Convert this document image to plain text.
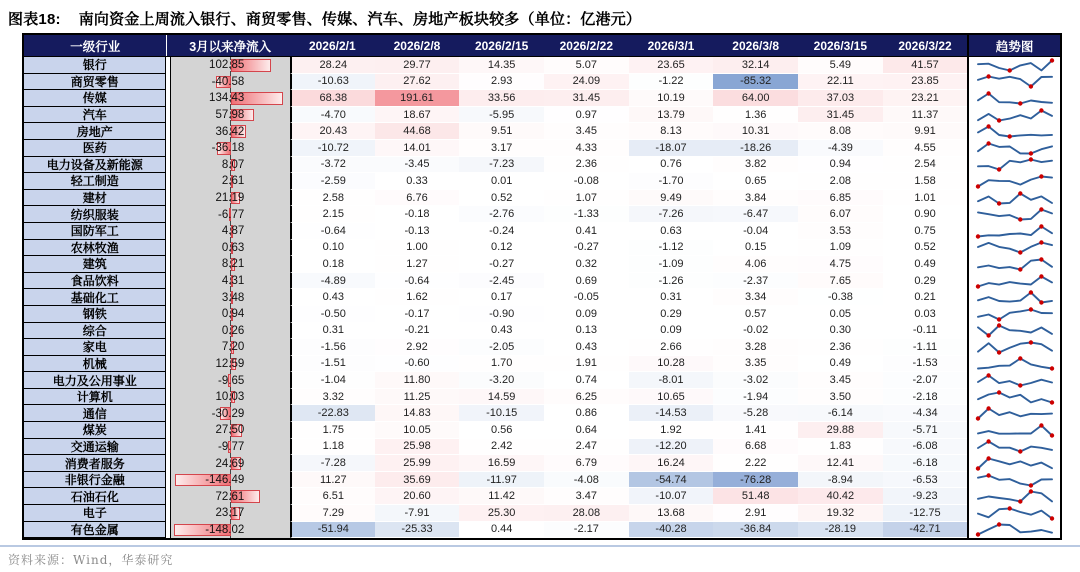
图表18: 南向资金上周流入银行、商贸零售、传媒、汽车、房地产板块较多（单位：亿港元）
一级行业	3月以来净流入	2026/2/1	2026/2/8	2026/2/15	2026/2/22	2026/3/1	2026/3/8	2026/3/15	2026/3/22	趋势图
银行	102. 85	28.24	29.77	14.35	5.07	23.65	32.14	5.49	41.57
商贸零售	-40. 58	-10.63	27.62	2.93	24.09	-1.22	-85.32	22.11	23.85
传媒	134. 43	68.38	191.61	33.56	31.45	10.19	64.00	37.03	23.21
汽车	57. 98	-4.70	18.67	-5.95	0.97	13.79	1.36	31.45	11.37
房地产	36. 42	20.43	44.68	9.51	3.45	8.13	10.31	8.08	9.91
医药	-36. 18	-10.72	14.01	3.17	4.33	-18.07	-18.26	-4.39	4.55
电力设备及新能源	8. 07	-3.72	-3.45	-7.23	2.36	0.76	3.82	0.94	2.54
轻工制造	2. 61	-2.59	0.33	0.01	-0.08	-1.70	0.65	2.08	1.58
建材	21. 19	2.58	6.76	0.52	1.07	9.49	3.84	6.85	1.01
纺织服装	-6. 77	2.15	-0.18	-2.76	-1.33	-7.26	-6.47	6.07	0.90
国防军工	4. 87	-0.64	-0.13	-0.24	0.41	0.63	-0.04	3.53	0.75
农林牧渔	0. 63	0.10	1.00	0.12	-0.27	-1.12	0.15	1.09	0.52
建筑	8. 21	0.18	1.27	-0.27	0.32	-1.09	4.06	4.75	0.49
食品饮料	4. 31	-4.89	-0.64	-2.45	0.69	-1.26	-2.37	7.65	0.29
基础化工	3. 48	0.43	1.62	0.17	-0.05	0.31	3.34	-0.38	0.21
钢铁	0. 94	-0.50	-0.17	-0.90	0.09	0.29	0.57	0.05	0.03
综合	0. 26	0.31	-0.21	0.43	0.13	0.09	-0.02	0.30	-0.11
家电	7. 20	-1.56	2.92	-2.05	0.43	2.66	3.28	2.36	-1.11
机械	12. 59	-1.51	-0.60	1.70	1.91	10.28	3.35	0.49	-1.53
电力及公用事业	-9. 65	-1.04	11.80	-3.20	0.74	-8.01	-3.02	3.45	-2.07
计算机	10. 03	3.32	11.25	14.59	6.25	10.65	-1.94	3.50	-2.18
通信	-30. 29	-22.83	14.83	-10.15	0.86	-14.53	-5.28	-6.14	-4.34
煤炭	27. 50	1.75	10.05	0.56	0.64	1.92	1.41	29.88	-5.71
交通运输	-9. 77	1.18	25.98	2.42	2.47	-12.20	6.68	1.83	-6.08
消费者服务	24. 69	-7.28	25.99	16.59	6.79	16.24	2.22	12.41	-6.18
非银行金融	-146. 49	11.27	35.69	-11.97	-4.08	-54.74	-76.28	-8.94	-6.53
石油石化	72. 61	6.51	20.60	11.42	3.47	-10.07	51.48	40.42	-9.23
电子	23. 17	7.29	-7.91	25.30	28.08	13.68	2.91	19.32	-12.75
有色金属	-148. 02	-51.94	-25.33	0.44	-2.17	-40.28	-36.84	-28.19	-42.71
资料来源：Wind，华泰研究
